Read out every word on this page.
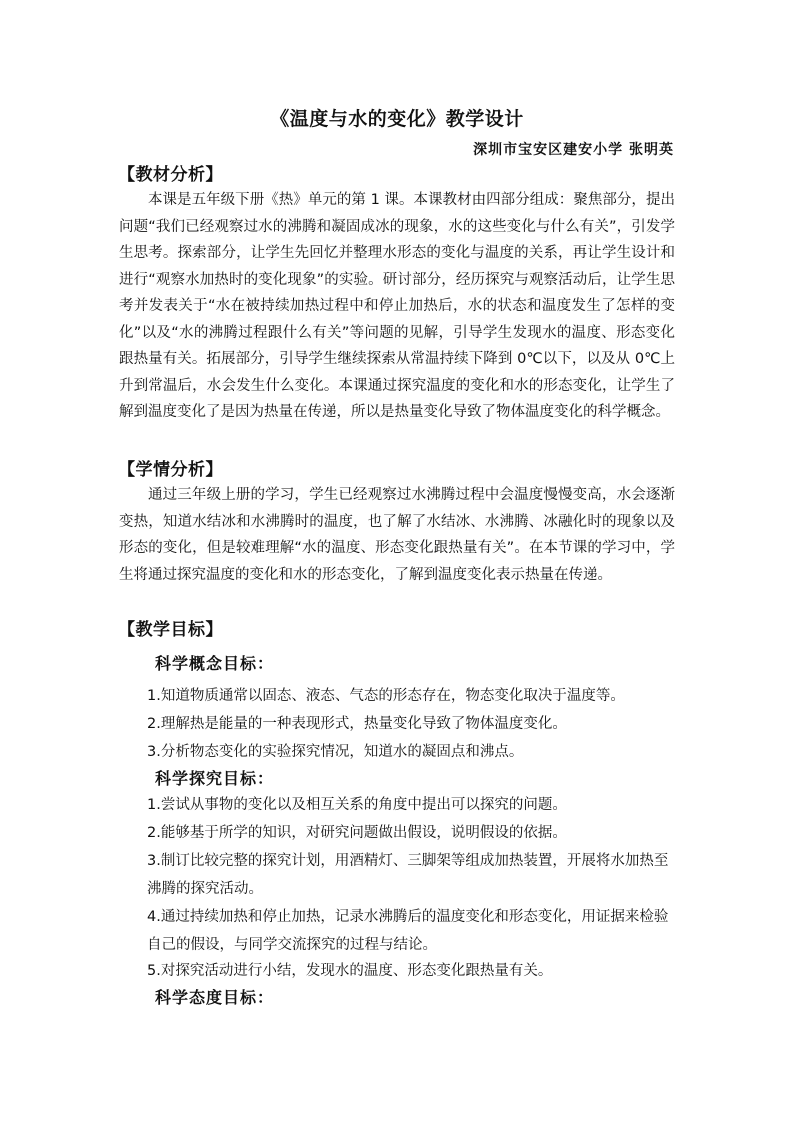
《温度与水的变化》教学设计
深圳市宝安区建安小学 张明英
【教材分析】

本课是五年级下册《热》单元的第 1 课。本课教材由四部分组成：聚焦部分，提出问题“我们已经观察过水的沸腾和凝固成冰的现象，水的这些变化与什么有关”，引发学生思考。探索部分，让学生先回忆并整理水形态的变化与温度的关系，再让学生设计和进行“观察水加热时的变化现象”的实验。研讨部分，经历探究与观察活动后，让学生思考并发表关于“水在被持续加热过程中和停止加热后，水的状态和温度发生了怎样的变化”以及“水的沸腾过程跟什么有关”等问题的见解，引导学生发现水的温度、形态变化跟热量有关。拓展部分，引导学生继续探索从常温持续下降到 0℃以下，以及从 0℃上升到常温后，水会发生什么变化。本课通过探究温度的变化和水的形态变化，让学生了解到温度变化了是因为热量在传递，所以是热量变化导致了物体温度变化的科学概念。

【学情分析】

通过三年级上册的学习，学生已经观察过水沸腾过程中会温度慢慢变高，水会逐渐变热，知道水结冰和水沸腾时的温度，也了解了水结冰、水沸腾、冰融化时的现象以及形态的变化，但是较难理解“水的温度、形态变化跟热量有关”。在本节课的学习中，学生将通过探究温度的变化和水的形态变化，了解到温度变化表示热量在传递。

【教学目标】
科学概念目标：

1.知道物质通常以固态、液态、气态的形态存在，物态变化取决于温度等。

2.理解热是能量的一种表现形式，热量变化导致了物体温度变化。

3.分析物态变化的实验探究情况，知道水的凝固点和沸点。

科学探究目标：

1.尝试从事物的变化以及相互关系的角度中提出可以探究的问题。

2.能够基于所学的知识，对研究问题做出假设，说明假设的依据。

3.制订比较完整的探究计划，用酒精灯、三脚架等组成加热装置，开展将水加热至沸腾的探究活动。

4.通过持续加热和停止加热，记录水沸腾后的温度变化和形态变化，用证据来检验自己的假设，与同学交流探究的过程与结论。

5.对探究活动进行小结，发现水的温度、形态变化跟热量有关。

科学态度目标：
